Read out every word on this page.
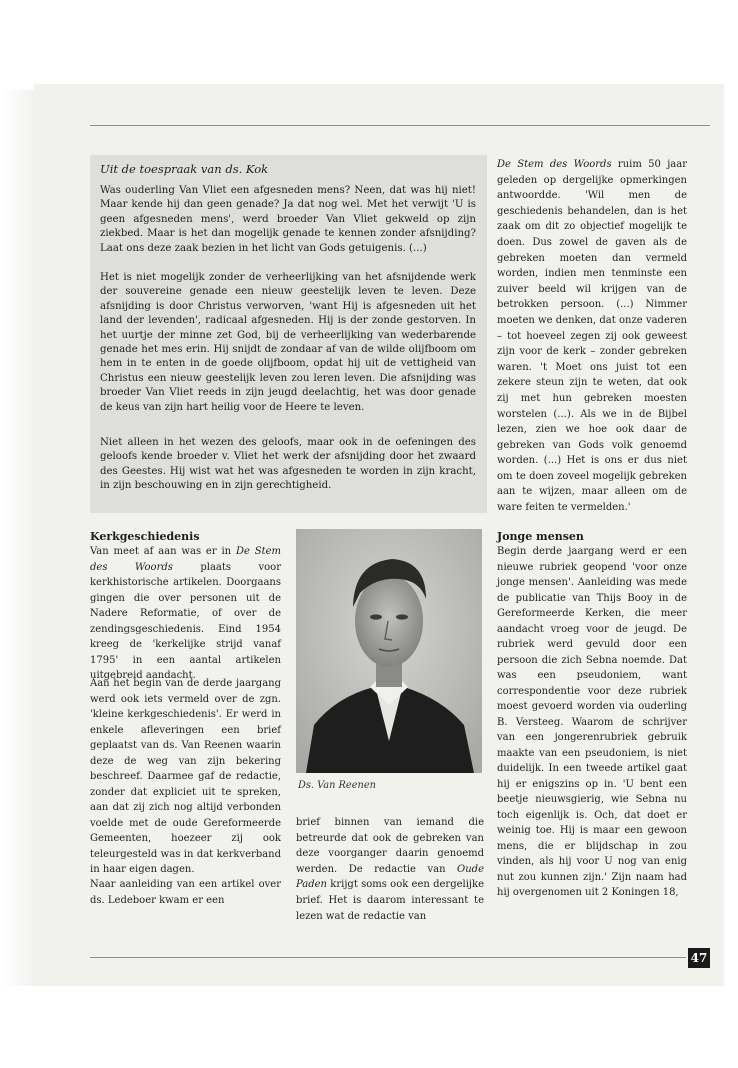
Uit de toespraak van ds. Kok
Was ouderling Van Vliet een afgesneden mens? Neen, dat was hij niet! Maar kende hij dan geen genade? Ja dat nog wel. Met het verwijt 'U is geen afgesneden mens', werd broeder Van Vliet gekweld op zijn ziekbed. Maar is het dan mogelijk genade te kennen zonder afsnijding? Laat ons deze zaak bezien in het licht van Gods getuigenis. (...)
Het is niet mogelijk zonder de verheerlijking van het afsnijdende werk der souvereine genade een nieuw geestelijk leven te leven. Deze afsnijding is door Christus verworven, 'want Hij is afgesneden uit het land der levenden', radicaal afgesneden. Hij is der zonde gestorven. In het uurtje der minne zet God, bij de verheerlijking van wederbarende genade het mes erin. Hij snijdt de zondaar af van de wilde olijfboom om hem in te enten in de goede olijfboom, opdat hij uit de vettigheid van Christus een nieuw geestelijk leven zou leren leven. Die afsnijding was broeder Van Vliet reeds in zijn jeugd deelachtig, het was door genade de keus van zijn hart heilig voor de Heere te leven.
Niet alleen in het wezen des geloofs, maar ook in de oefeningen des geloofs kende broeder v. Vliet het werk der afsnijding door het zwaard des Geestes. Hij wist wat het was afgesneden te worden in zijn kracht, in zijn beschouwing en in zijn gerechtigheid.
De Stem des Woords ruim 50 jaar geleden op dergelijke opmerkingen antwoordde. 'Wil men de geschiedenis behandelen, dan is het zaak om dit zo objectief mogelijk te doen. Dus zowel de gaven als de gebreken moeten dan vermeld worden, indien men tenminste een zuiver beeld wil krijgen van de betrokken persoon. (...) Nimmer moeten we denken, dat onze vaderen – tot hoeveel zegen zij ook geweest zijn voor de kerk – zonder gebreken waren. 't Moet ons juist tot een zekere steun zijn te weten, dat ook zij met hun gebreken moesten worstelen (...). Als we in de Bijbel lezen, zien we hoe ook daar de gebreken van Gods volk genoemd worden. (...) Het is ons er dus niet om te doen zoveel mogelijk gebreken aan te wijzen, maar alleen om de ware feiten te vermelden.'
Kerkgeschiedenis
Van meet af aan was er in De Stem des Woords plaats voor kerkhistorische artikelen. Doorgaans gingen die over personen uit de Nadere Reformatie, of over de zendingsgeschiedenis. Eind 1954 kreeg de 'kerkelijke strijd vanaf 1795' in een aantal artikelen uitgebreid aandacht.
Aan het begin van de derde jaargang werd ook iets vermeld over de zgn. 'kleine kerkgeschiedenis'. Er werd in enkele afleveringen een brief geplaatst van ds. Van Reenen waarin deze de weg van zijn bekering beschreef. Daarmee gaf de redactie, zonder dat expliciet uit te spreken, aan dat zij zich nog altijd verbonden voelde met de oude Gereformeerde Gemeenten, hoezeer zij ook teleurgesteld was in dat kerkverband in haar eigen dagen.
Naar aanleiding van een artikel over ds. Ledeboer kwam er een
Ds. Van Reenen
brief binnen van iemand die betreurde dat ook de gebreken van deze voorganger daarin genoemd werden. De redactie van Oude Paden krijgt soms ook een dergelijke brief. Het is daarom interessant te lezen wat de redactie van
Jonge mensen
Begin derde jaargang werd er een nieuwe rubriek geopend 'voor onze jonge mensen'. Aanleiding was mede de publicatie van Thijs Booy in de Gereformeerde Kerken, die meer aandacht vroeg voor de jeugd. De rubriek werd gevuld door een persoon die zich Sebna noemde. Dat was een pseudoniem, want correspondentie voor deze rubriek moest gevoerd worden via ouderling B. Versteeg. Waarom de schrijver van een jongerenrubriek gebruik maakte van een pseudoniem, is niet duidelijk. In een tweede artikel gaat hij er enigszins op in. 'U bent een beetje nieuwsgierig, wie Sebna nu toch eigenlijk is. Och, dat doet er weinig toe. Hij is maar een gewoon mens, die er blijdschap in zou vinden, als hij voor U nog van enig nut zou kunnen zijn.' Zijn naam had hij overgenomen uit 2 Koningen 18,
47
